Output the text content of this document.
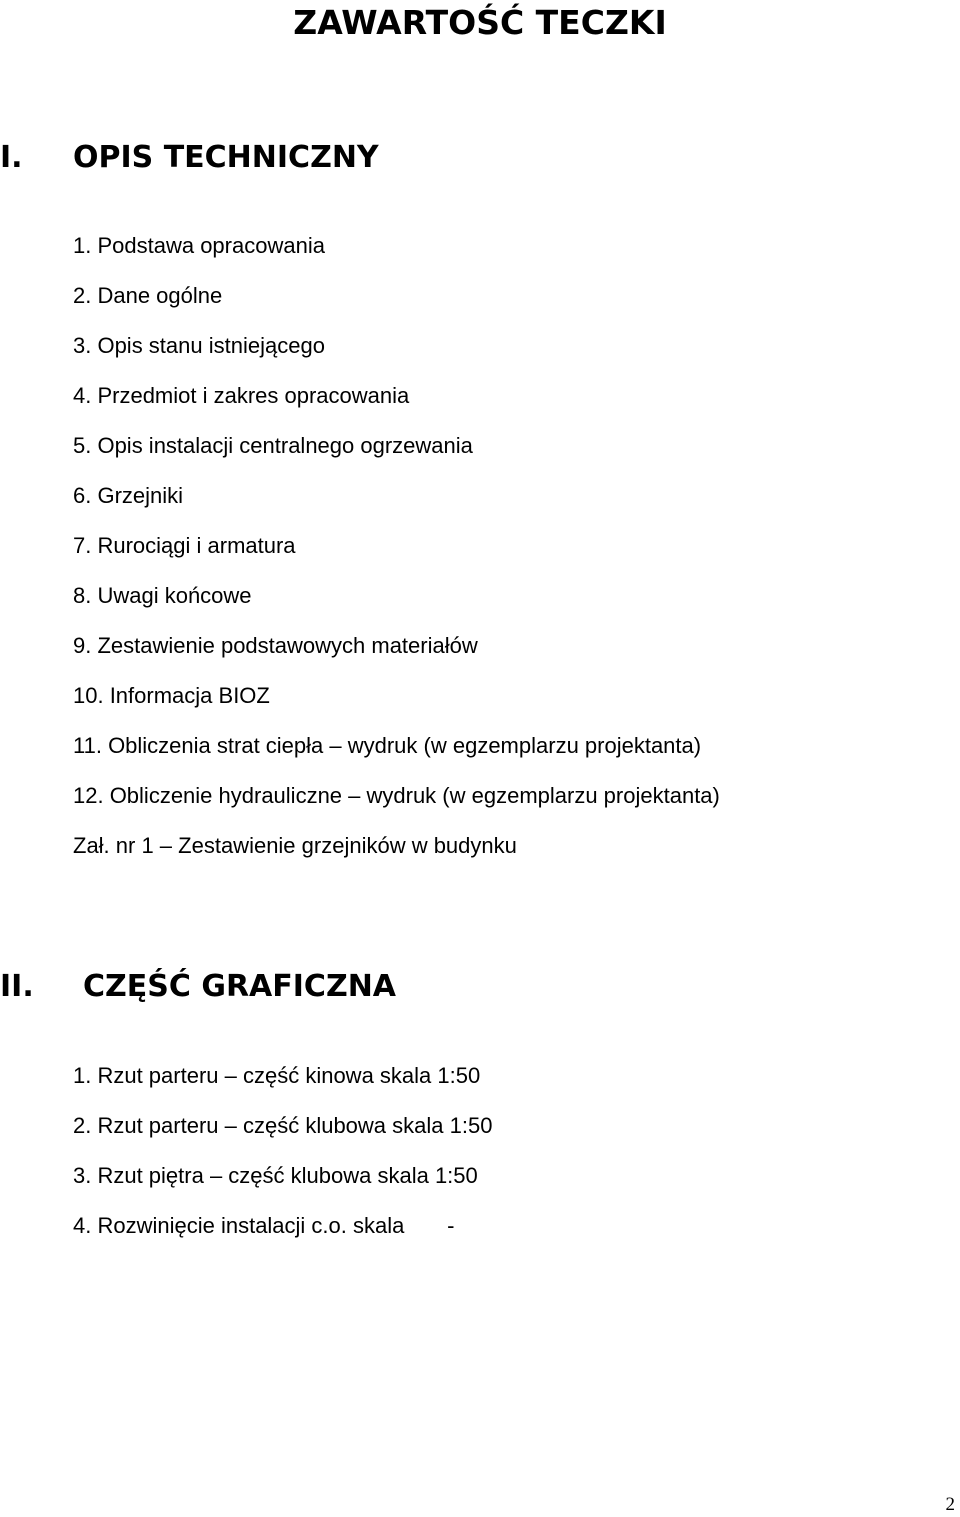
ZAWARTOŚĆ TECZKI
I. OPIS TECHNICZNY
1. Podstawa opracowania
2. Dane ogólne
3. Opis stanu istniejącego
4. Przedmiot i zakres opracowania
5. Opis instalacji centralnego ogrzewania
6. Grzejniki
7. Rurociągi i armatura
8. Uwagi końcowe
9. Zestawienie podstawowych materiałów
10. Informacja BIOZ
11. Obliczenia strat ciepła – wydruk (w egzemplarzu projektanta)
12. Obliczenie hydrauliczne – wydruk (w egzemplarzu projektanta)
Zał. nr 1 – Zestawienie grzejników w budynku
II. CZĘŚĆ GRAFICZNA
1. Rzut parteru – część kinowa skala 1:50
2. Rzut parteru – część klubowa skala 1:50
3. Rzut piętra – część klubowa skala 1:50
4. Rozwinięcie instalacji c.o. skala       -
2
